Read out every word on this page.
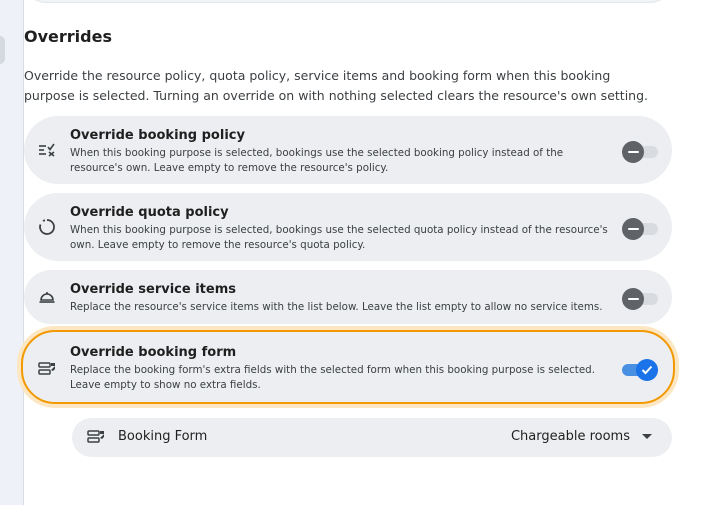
Overrides

Override the resource policy, quota policy, service items and booking form when this booking purpose is selected. Turning an override on with nothing selected clears the resource's own setting.

Override booking policy
When this booking purpose is selected, bookings use the selected booking policy instead of the resource's own. Leave empty to remove the resource's policy.
Override quota policy
When this booking purpose is selected, bookings use the selected quota policy instead of the resource's own. Leave empty to remove the resource's quota policy.
Override service items
Replace the resource's service items with the list below. Leave the list empty to allow no service items.
Override booking form
Replace the booking form's extra fields with the selected form when this booking purpose is selected. Leave empty to show no extra fields.
Booking Form	Chargeable rooms
